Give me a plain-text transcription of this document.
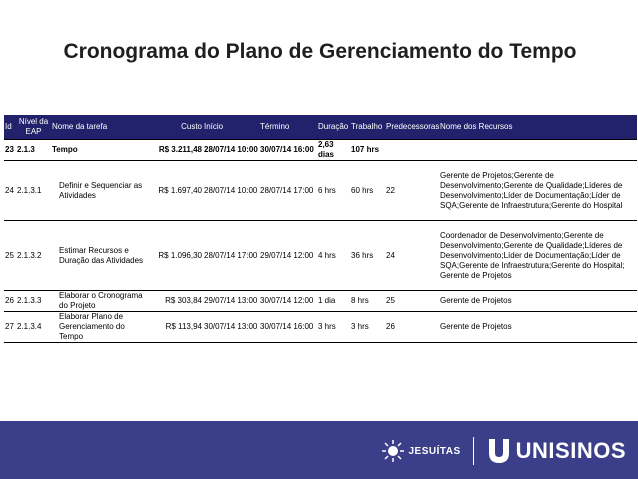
Cronograma do Plano de Gerenciamento do Tempo
Id	Nível da EAP	Nome da tarefa	Custo	Início	Término	Duração	Trabalho	Predecessoras	Nome dos Recursos
23	2.1.3	Tempo	R$ 3.211,48	28/07/14 10:00	30/07/14 16:00	2,63 dias	107 hrs		
24	2.1.3.1	Definir e Sequenciar as Atividades	R$ 1.697,40	28/07/14 10:00	28/07/14 17:00	6 hrs	60 hrs	22	Gerente de Projetos;Gerente de Desenvolvimento;Gerente de Qualidade;Líderes de Desenvolvimento;Líder de Documentação;Líder de SQA;Gerente de Infraestrutura;Gerente do Hospital
25	2.1.3.2	Estimar Recursos e Duração das Atividades	R$ 1.096,30	28/07/14 17:00	29/07/14 12:00	4 hrs	36 hrs	24	Coordenador de Desenvolvimento;Gerente de Desenvolvimento;Gerente de Qualidade;Líderes de Desenvolvimento;Líder de Documentação;Líder de SQA;Gerente de Infraestrutura;Gerente do Hospital; Gerente de Projetos
26	2.1.3.3	Elaborar o Cronograma do Projeto	R$ 303,84	29/07/14 13:00	30/07/14 12:00	1 dia	8 hrs	25	Gerente de Projetos
27	2.1.3.4	Elaborar Plano de Gerenciamento do Tempo	R$ 113,94	30/07/14 13:00	30/07/14 16:00	3 hrs	3 hrs	26	Gerente de Projetos
JESUÍTAS	UNISINOS
